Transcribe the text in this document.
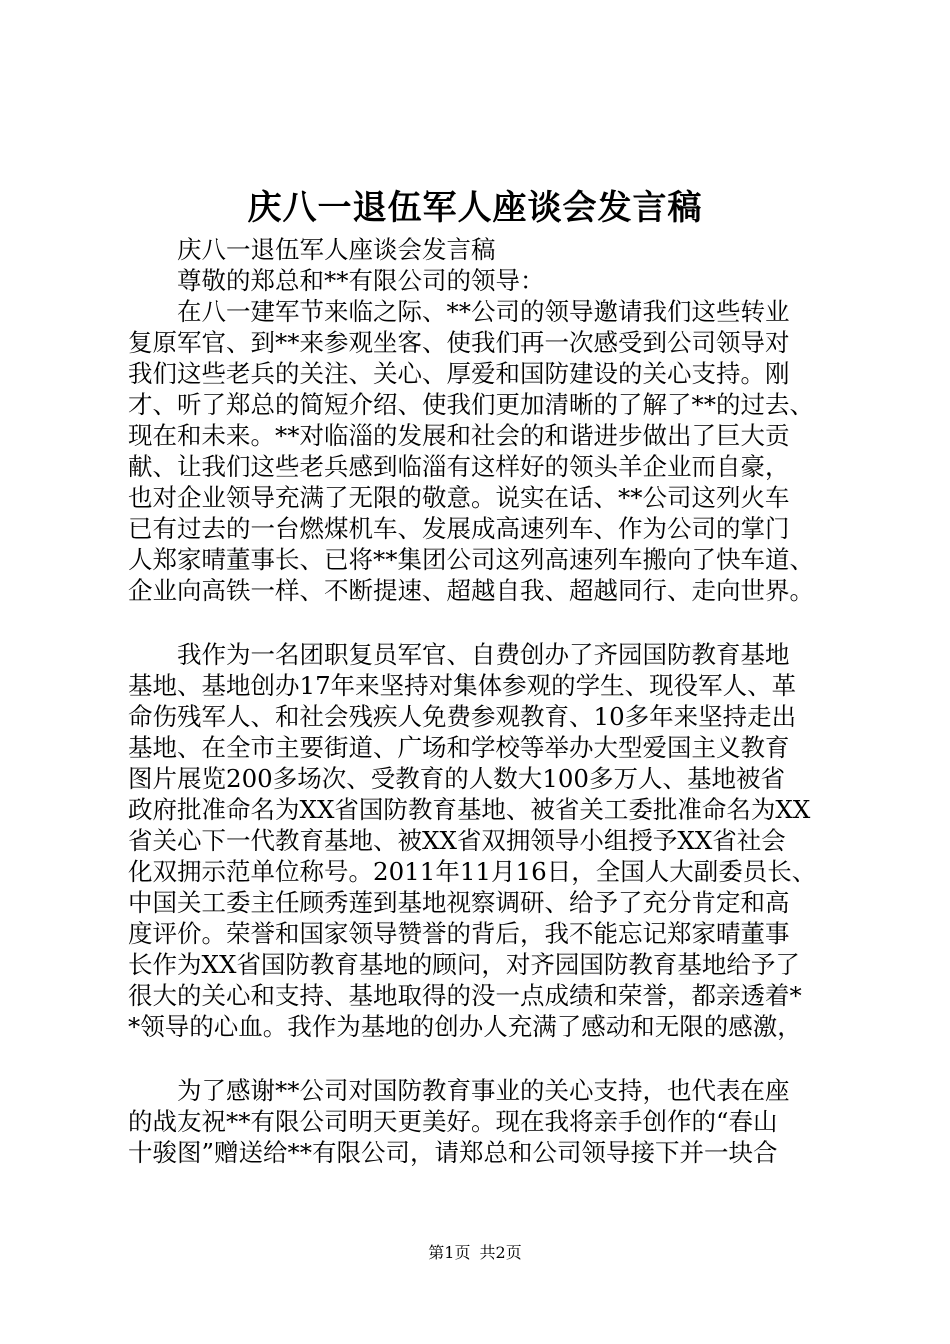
庆八一退伍军人座谈会发言稿
庆八一退伍军人座谈会发言稿
尊敬的郑总和**有限公司的领导：
在八一建军节来临之际、**公司的领导邀请我们这些转业
复原军官、到**来参观坐客、使我们再一次感受到公司领导对
我们这些老兵的关注、关心、厚爱和国防建设的关心支持。刚
才、听了郑总的简短介绍、使我们更加清晰的了解了**的过去、
现在和未来。**对临淄的发展和社会的和谐进步做出了巨大贡
献、让我们这些老兵感到临淄有这样好的领头羊企业而自豪，
也对企业领导充满了无限的敬意。说实在话、**公司这列火车
已有过去的一台燃煤机车、发展成高速列车、作为公司的掌门
人郑家晴董事长、已将**集团公司这列高速列车搬向了快车道、
企业向高铁一样、不断提速、超越自我、超越同行、走向世界。
我作为一名团职复员军官、自费创办了齐园国防教育基地
基地、基地创办17年来坚持对集体参观的学生、现役军人、革
命伤残军人、和社会残疾人免费参观教育、10多年来坚持走出
基地、在全市主要街道、广场和学校等举办大型爱国主义教育
图片展览200多场次、受教育的人数大100多万人、基地被省
政府批准命名为XX省国防教育基地、被省关工委批准命名为XX
省关心下一代教育基地、被XX省双拥领导小组授予XX省社会
化双拥示范单位称号。2011年11月16日，全国人大副委员长、
中国关工委主任顾秀莲到基地视察调研、给予了充分肯定和高
度评价。荣誉和国家领导赞誉的背后，我不能忘记郑家晴董事
长作为XX省国防教育基地的顾问，对齐园国防教育基地给予了
很大的关心和支持、基地取得的没一点成绩和荣誉，都亲透着*
*领导的心血。我作为基地的创办人充满了感动和无限的感激，
为了感谢**公司对国防教育事业的关心支持，也代表在座
的战友祝**有限公司明天更美好。现在我将亲手创作的“春山
十骏图”赠送给**有限公司，请郑总和公司领导接下并一块合
第1页 共2页
